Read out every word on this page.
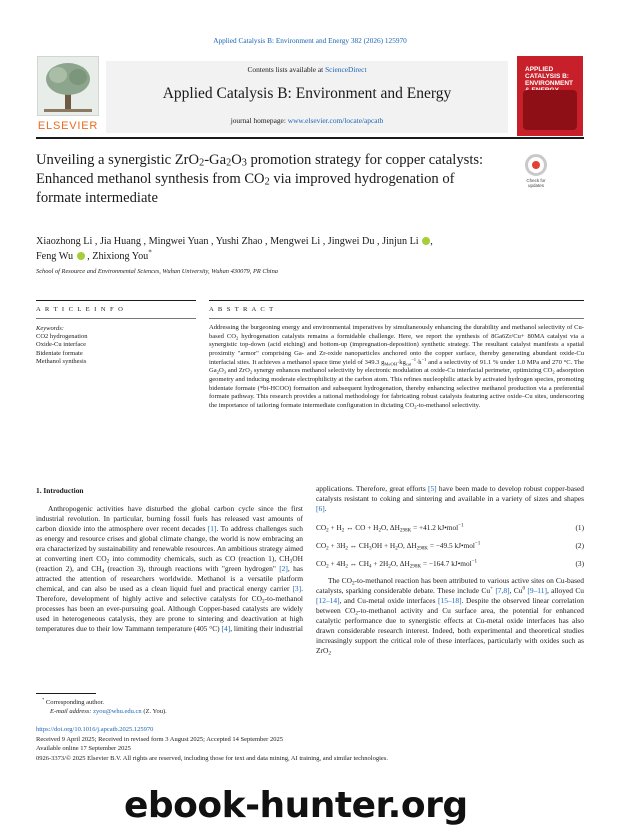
Applied Catalysis B: Environment and Energy 382 (2026) 125970
ELSEVIER
Contents lists available at ScienceDirect
Applied Catalysis B: Environment and Energy
journal homepage: www.elsevier.com/locate/apcatb
APPLIED
CATALYSIS B:
ENVIRONMENT
Unveiling a synergistic $ZrO_2-Ga_2O_3$ promotion strategy for copper catalysts:
Enhanced methanol synthesis from $CO_2$ via improved hydrogenation of
formate intermediate
Check for
updates
Xiaozhong Li , Jia Huang , Mingwei Yuan , Yushi Zhao , Mengwei Li , Jingwei Du , Jinjun Li ,
Feng Wu  , Zhixiong You*
School of Resource and Environmental Sciences, Wuhan University, Wuhan 430079, PR China
A R T I C L E I N F O	A B S T R A C T
Keywords:
CO2 hydrogenation
Oxide-Cu interface
Bidentate formate
Methanol synthesis
Addressing the burgeoning energy and environmental imperatives by simultaneously enhancing the durability and methanol selectivity of Cu-based $CO_2$ hydrogenation catalysts remains a formidable challenge. Here, we report the synthesis of 8Ga6Zr/Cu+ 80MA catalyst via a synergistic top-down (acid etching) and bottom-up (impregnation-deposition) synthetic strategy. The resultant catalyst manifests a spatial proximity "armor" comprising Ga- and Zr-oxide nanoparticles anchored onto the copper surface, thereby generating abundant oxide-Cu interfacial sites. It achieves a methanol space time yield of 349.3 $g_{MeOH}\cdot kg_{cat}^{-1}\cdot h^{-1}$ and a selectivity of 91.1 % under 1.0 MPa and 270 °C. The $Ga_2O_3$ and ZrO$_2$ synergy enhances methanol selectivity by electronic modulation at oxide-Cu interfacial perimeter, optimizing $CO_2$ adsorption geometry and inducing moderate electrophilicity at the carbon atom. This refines nucleophilic attack by activated hydrogen species, promoting bidentate formate (*bi-HCOO) formation and subsequent hydrogenation, thereby enhancing selective methanol production via a preferential formate pathway. This research provides a rational methodology for fabricating robust catalysts featuring active oxide–Cu sites, underscoring the importance of tailoring formate intermediate configuration in dictating $CO_2-to$-methanol selectivity.
1. Introduction

Anthropogenic activities have disturbed the global carbon cycle since the first industrial revolution. In particular, burning fossil fuels has released vast amounts of carbon dioxide into the atmosphere over recent decades [1]. To address challenges such as energy and resource crises and global climate change, the world is now embracing an era characterized by sustainability and renewable resources. An ambitious strategy aimed at converting inert $CO_2$ into commodity chemicals, such as CO (reaction 1), $CH_3OH$ (reaction 2), and $CH_4$ (reaction 3), through reactions with "green hydrogen" [2], has attracted the attention of researchers worldwide. Methanol is a versatile platform chemical, and can also be used as a clean liquid fuel and practical energy carrier [3]. Therefore, development of highly active and selective catalysts for $CO_2-to$-methanol processes has been an ever-pursuing goal. Although Copper-based catalysts are widely used in heterogeneous catalysis, they are prone to sintering and deactivation at high temperatures due to their low Tammann temperature (405 °C) [4], limiting their industrial

applications. Therefore, great efforts [5] have been made to develop robust copper-based catalysts resistant to coking and sintering and available in a variety of sizes and shapes [6].

$CO_2 + H_2$ ↔ CO + $H_2O$, $\Delta H_{298K} = +41.2$ kJ•mol$^{-1}$	(1)
$CO_2 + 3H_2$ ↔ $CH_3OH + H_2O$, $\Delta H_{298K} = -49.5$ kJ•mol$^{-1}$	(2)
$CO_2 + 4H_2$ ↔ $CH_4 + 2H_2O$, $\Delta H_{298K} = -164.7$ kJ•mol$^{-1}$	(3)

The $CO_2-to$-methanol reaction has been attributed to various active sites on Cu-based catalysts, sparking considerable debate. These include Cu+ [7,8], Cu$^0$ [9–11], alloyed Cu [12–14], and Cu-metal oxide interfaces [15–18]. Despite the observed linear correlation between $CO_2-to$-methanol activity and Cu surface area, the potential for enhanced catalytic performance due to synergistic effects at Cu-metal oxide interfaces has also drawn considerable research interest. Indeed, both experimental and theoretical studies increasingly support the critical role of these interfaces, particularly with oxides such as ZrO$_2$

* Corresponding author.
E-mail address: zyou@whu.edu.cn (Z. You).
https://doi.org/10.1016/j.apcatb.2025.125970
Received 9 April 2025; Received in revised form 3 August 2025; Accepted 14 September 2025
Available online 17 September 2025
0926-3373/© 2025 Elsevier B.V. All rights are reserved, including those for text and data mining, AI training, and similar technologies.
ebook-hunter.org
